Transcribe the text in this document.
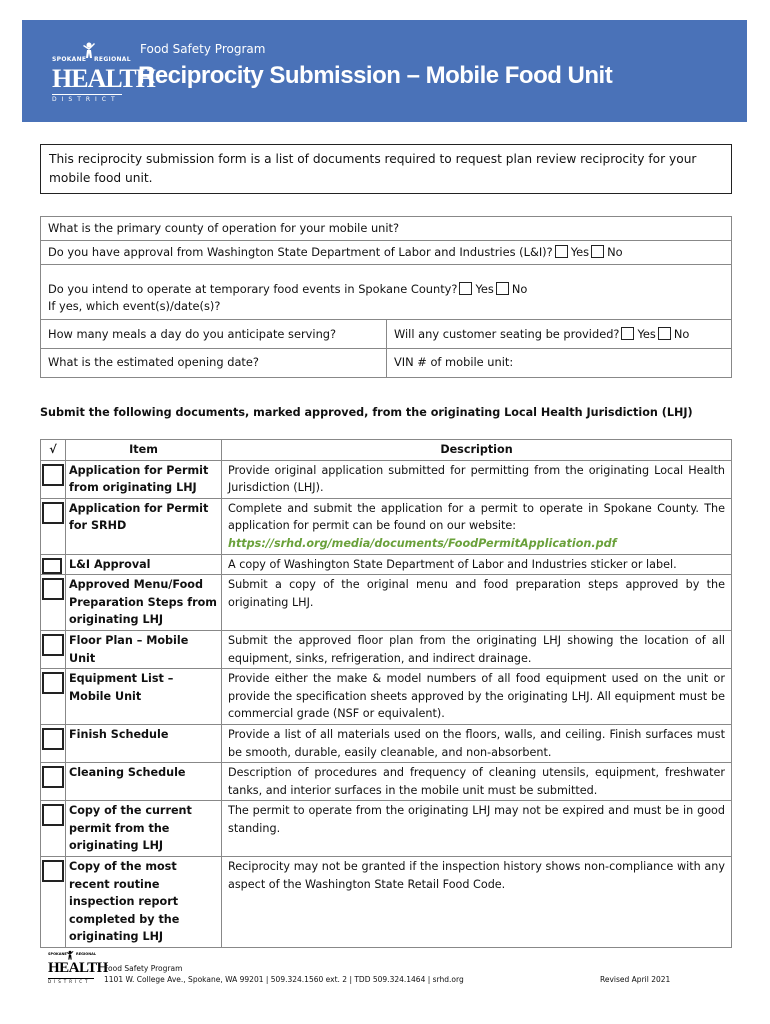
SPOKANE REGIONAL
HEALTH
DISTRICT
Food Safety Program
Reciprocity Submission – Mobile Food Unit
This reciprocity submission form is a list of documents required to request plan review reciprocity for your mobile food unit.
What is the primary county of operation for your mobile unit?	
Do you have approval from Washington State Department of Labor and Industries (L&I)? Yes No	
Do you intend to operate at temporary food events in Spokane County? Yes No
If yes, which event(s)/date(s)?	
How many meals a day do you anticipate serving?	Will any customer seating be provided? Yes No
What is the estimated opening date?	VIN # of mobile unit:
Submit the following documents, marked approved, from the originating Local Health Jurisdiction (LHJ)
√	Item	Description

	Application for Permit from originating LHJ	Provide original application submitted for permitting from the originating Local Health Jurisdiction (LHJ).

	Application for Permit for SRHD	Complete and submit the application for a permit to operate in Spokane County. The application for permit can be found on our website:
https://srhd.org/media/documents/FoodPermitApplication.pdf

	L&I Approval	A copy of Washington State Department of Labor and Industries sticker or label.

	Approved Menu/Food Preparation Steps from originating LHJ	Submit a copy of the original menu and food preparation steps approved by the originating LHJ.

	Floor Plan – Mobile Unit	Submit the approved floor plan from the originating LHJ showing the location of all equipment, sinks, refrigeration, and indirect drainage.

	Equipment List – Mobile Unit	Provide either the make & model numbers of all food equipment used on the unit or provide the specification sheets approved by the originating LHJ. All equipment must be commercial grade (NSF or equivalent).

	Finish Schedule	Provide a list of all materials used on the floors, walls, and ceiling. Finish surfaces must be smooth, durable, easily cleanable, and non-absorbent.

	Cleaning Schedule	Description of procedures and frequency of cleaning utensils, equipment, freshwater tanks, and interior surfaces in the mobile unit must be submitted.

	Copy of the current permit from the originating LHJ	The permit to operate from the originating LHJ may not be expired and must be in good standing.

	Copy of the most recent routine inspection report completed by the originating LHJ	Reciprocity may not be granted if the inspection history shows non-compliance with any aspect of the Washington State Retail Food Code.
SPOKANE	REGIONAL
HEALTH
DISTRICT
Food Safety Program
1101 W. College Ave., Spokane, WA 99201 | 509.324.1560 ext. 2 | TDD 509.324.1464 | srhd.org	Revised April 2021
